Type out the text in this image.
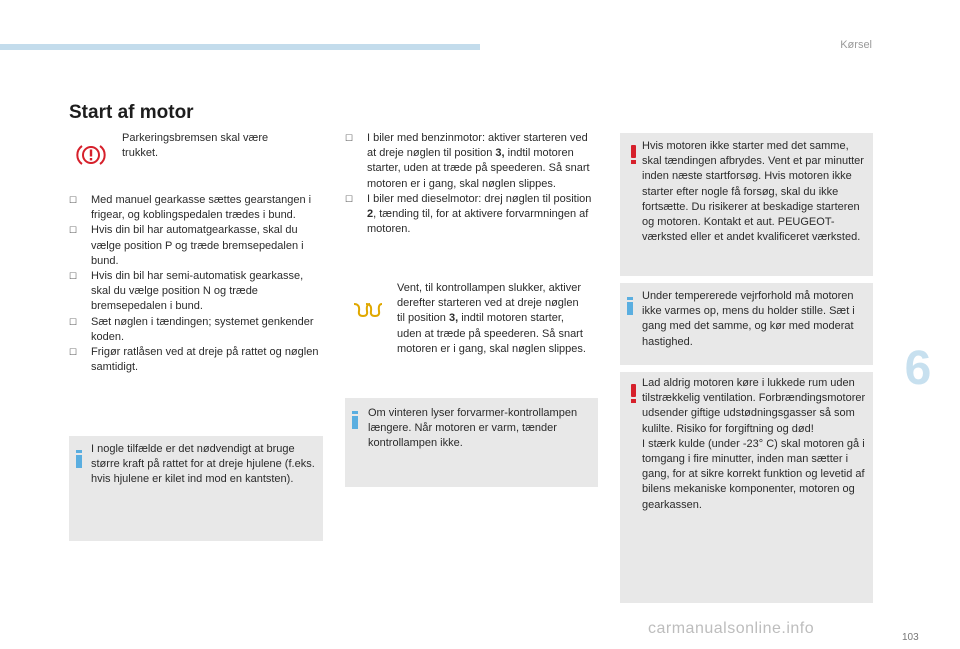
Kørsel
6
103
carmanualsonline.info
Start af motor
Parkeringsbremsen skal være trukket.
☐ Med manuel gearkasse sættes gearstangen i frigear, og koblingspedalen trædes i bund.
☐ Hvis din bil har automatgearkasse, skal du vælge position P og træde bremsepedalen i bund.
☐ Hvis din bil har semi-automatisk gearkasse, skal du vælge position N og træde bremsepedalen i bund.
☐ Sæt nøglen i tændingen; systemet genkender koden.
☐ Frigør ratlåsen ved at dreje på rattet og nøglen samtidigt.
I nogle tilfælde er det nødvendigt at bruge større kraft på rattet for at dreje hjulene (f.eks. hvis hjulene er kilet ind mod en kantsten).
☐ I biler med benzinmotor: aktiver starteren ved at dreje nøglen til position 3, indtil motoren starter, uden at træde på speederen. Så snart motoren er i gang, skal nøglen slippes.
☐ I biler med dieselmotor: drej nøglen til position 2, tænding til, for at aktivere forvarmningen af motoren.
Vent, til kontrollampen slukker, aktiver derefter starteren ved at dreje nøglen til position 3, indtil motoren starter, uden at træde på speederen. Så snart motoren er i gang, skal nøglen slippes.
Om vinteren lyser forvarmer-kontrollampen længere. Når motoren er varm, tænder kontrollampen ikke.
Hvis motoren ikke starter med det samme, skal tændingen afbrydes. Vent et par minutter inden næste startforsøg. Hvis motoren ikke starter efter nogle få forsøg, skal du ikke fortsætte. Du risikerer at beskadige starteren og motoren. Kontakt et aut. PEUGEOT-værksted eller et andet kvalificeret værksted.
Under tempererede vejrforhold må motoren ikke varmes op, mens du holder stille. Sæt i gang med det samme, og kør med moderat hastighed.
Lad aldrig motoren køre i lukkede rum uden tilstrækkelig ventilation. Forbrændingsmotorer udsender giftige udstødningsgasser så som kulilte. Risiko for forgiftning og død!
I stærk kulde (under -23° C) skal motoren gå i tomgang i fire minutter, inden man sætter i gang, for at sikre korrekt funktion og levetid af bilens mekaniske komponenter, motoren og gearkassen.
